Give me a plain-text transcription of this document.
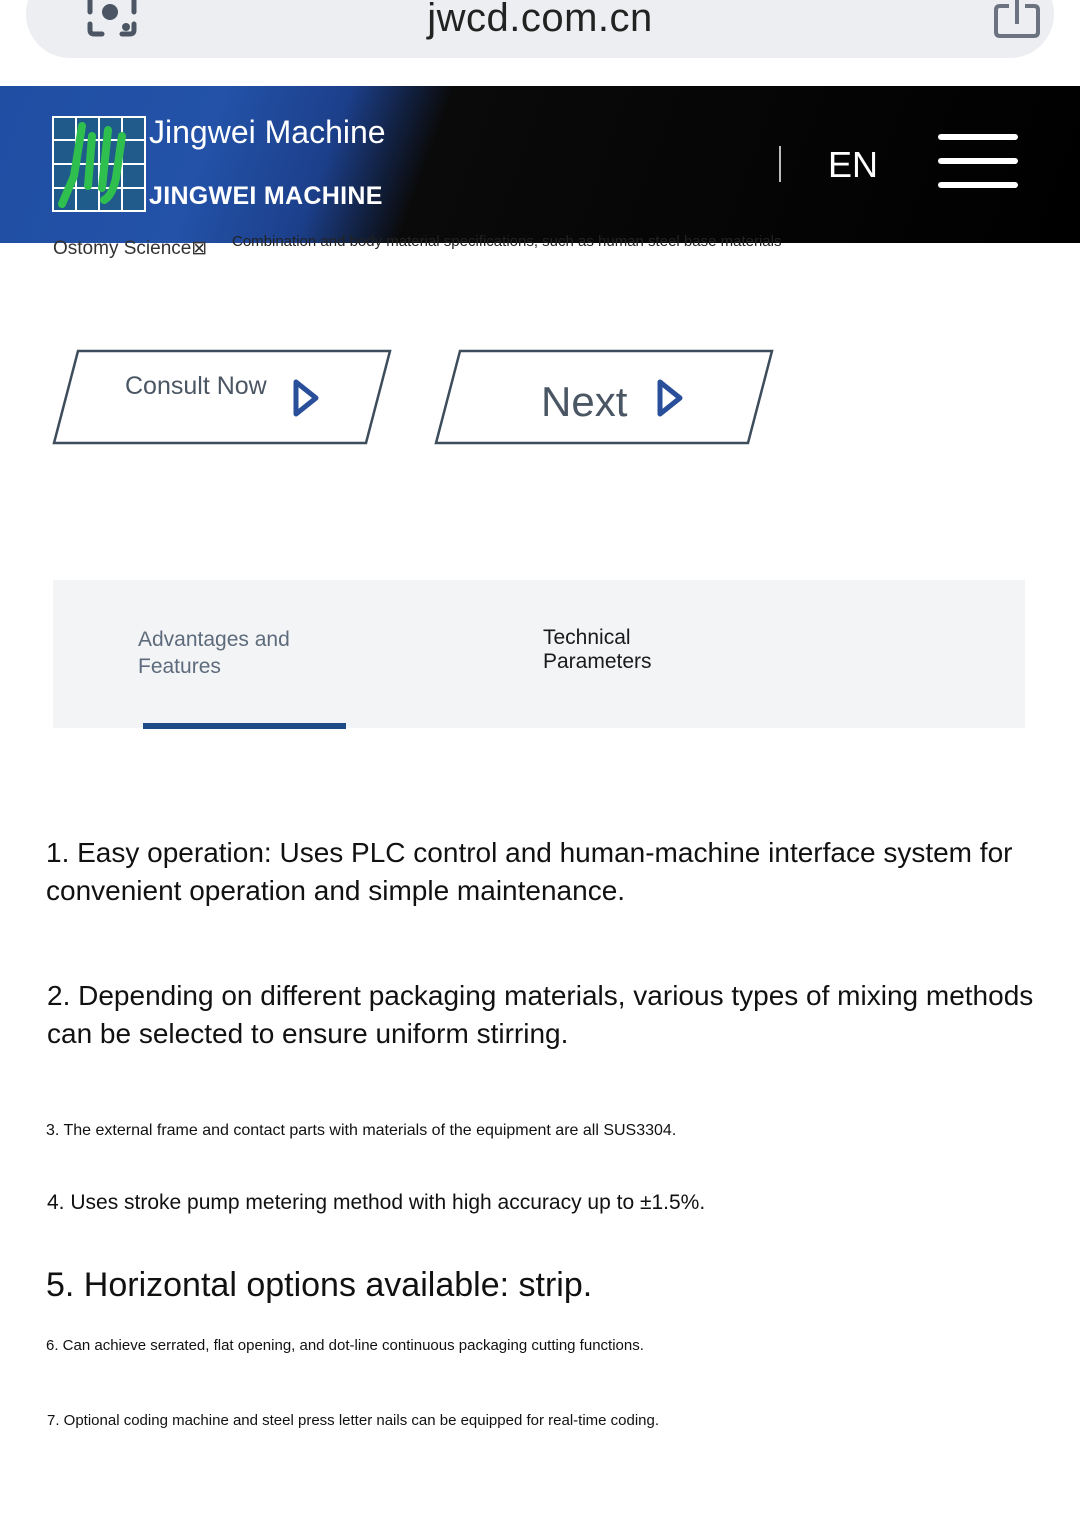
jwcd.com.cn
Jingwei Machine
JINGWEI MACHINE
EN
Ostomy Science⊠ Combination and body material specifications, such as human steel base materials
Consult Now	Next
Advantages and Features
Technical Parameters
1. Easy operation: Uses PLC control and human-machine interface system for convenient operation and simple maintenance.
2. Depending on different packaging materials, various types of mixing methods can be selected to ensure uniform stirring.
3. The external frame and contact parts with materials of the equipment are all SUS3304.
4. Uses stroke pump metering method with high accuracy up to ±1.5%.
5. Horizontal options available: strip.
6. Can achieve serrated, flat opening, and dot-line continuous packaging cutting functions.
7. Optional coding machine and steel press letter nails can be equipped for real-time coding.
